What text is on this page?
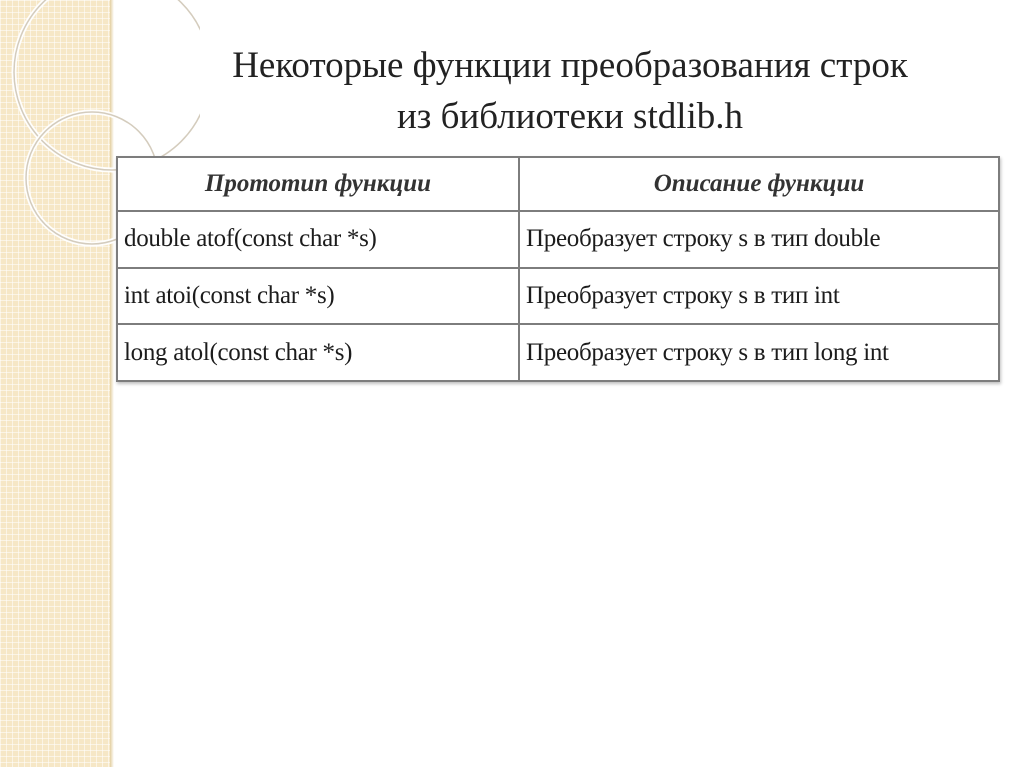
Некоторые функции преобразования строк
из библиотеки stdlib.h
Прототип функции	Описание функции
double atof(const char *s)	Преобразует строку s в тип double
int atoi(const char *s)	Преобразует строку s в тип int
long atol(const char *s)	Преобразует строку s в тип long int
